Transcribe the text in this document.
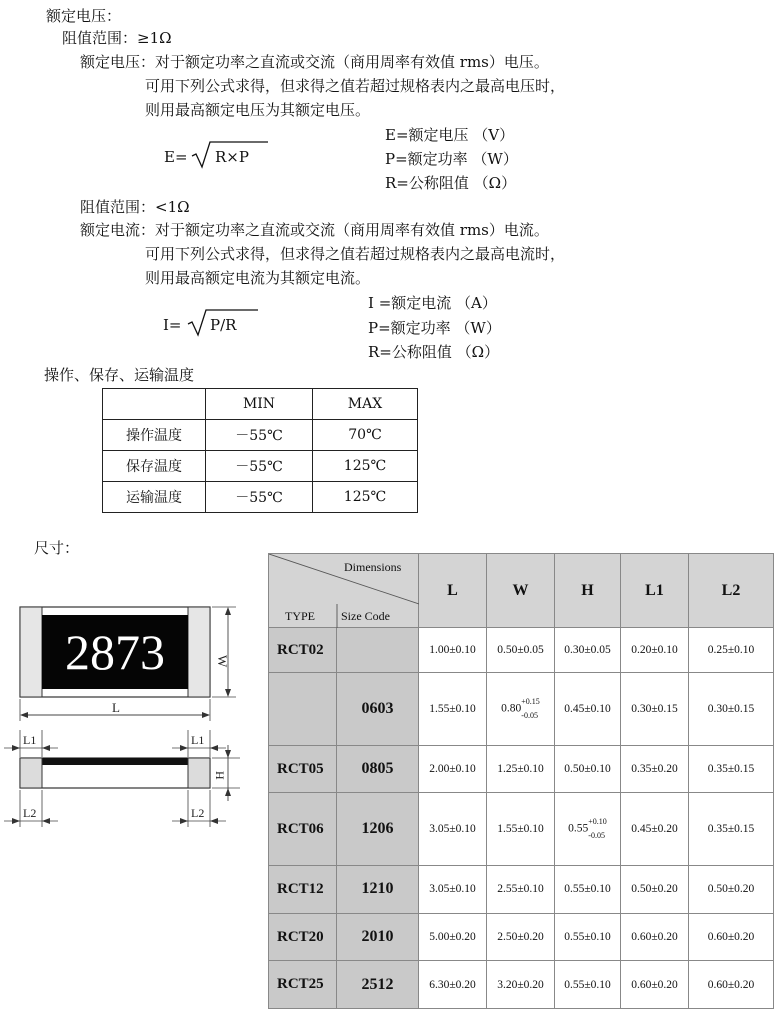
额定电压：
阻值范围：≥1Ω
额定电压：对于额定功率之直流或交流（商用周率有效值 rms）电压。
可用下列公式求得，但求得之值若超过规格表内之最高电压时，
则用最高额定电压为其额定电压。
E= R×P
E=额定电压 （V）
P=额定功率 （W）
R=公称阻值 （Ω）
阻值范围：<1Ω
额定电流：对于额定功率之直流或交流（商用周率有效值 rms）电流。
可用下列公式求得，但求得之值若超过规格表内之最高电流时，
则用最高额定电流为其额定电流。
I= P/R
I =额定电流 （A）
P=额定功率 （W）
R=公称阻值 （Ω）
操作、保存、运输温度
	MIN	MAX
操作温度	－55℃	70℃
保存温度	－55℃	125℃
运输温度	－55℃	125℃
尺寸：
2873	W
L
L1	L1
H
L2	L2
Dimensions
TYPE Size Code		L	W	H	L1	L2
RCT02		1.00±0.10	0.50±0.05	0.30±0.05	0.20±0.10	0.25±0.10
	0603	1.55±0.10	0.80
+0.15
-0.05	0.45±0.10	0.30±0.15	0.30±0.15
RCT05	0805	2.00±0.10	1.25±0.10	0.50±0.10	0.35±0.20	0.35±0.15
RCT06	1206	3.05±0.10	1.55±0.10	0.55
+0.10
-0.05	0.45±0.20	0.35±0.15
RCT12	1210	3.05±0.10	2.55±0.10	0.55±0.10	0.50±0.20	0.50±0.20
RCT20	2010	5.00±0.20	2.50±0.20	0.55±0.10	0.60±0.20	0.60±0.20
RCT25	2512	6.30±0.20	3.20±0.20	0.55±0.10	0.60±0.20	0.60±0.20
